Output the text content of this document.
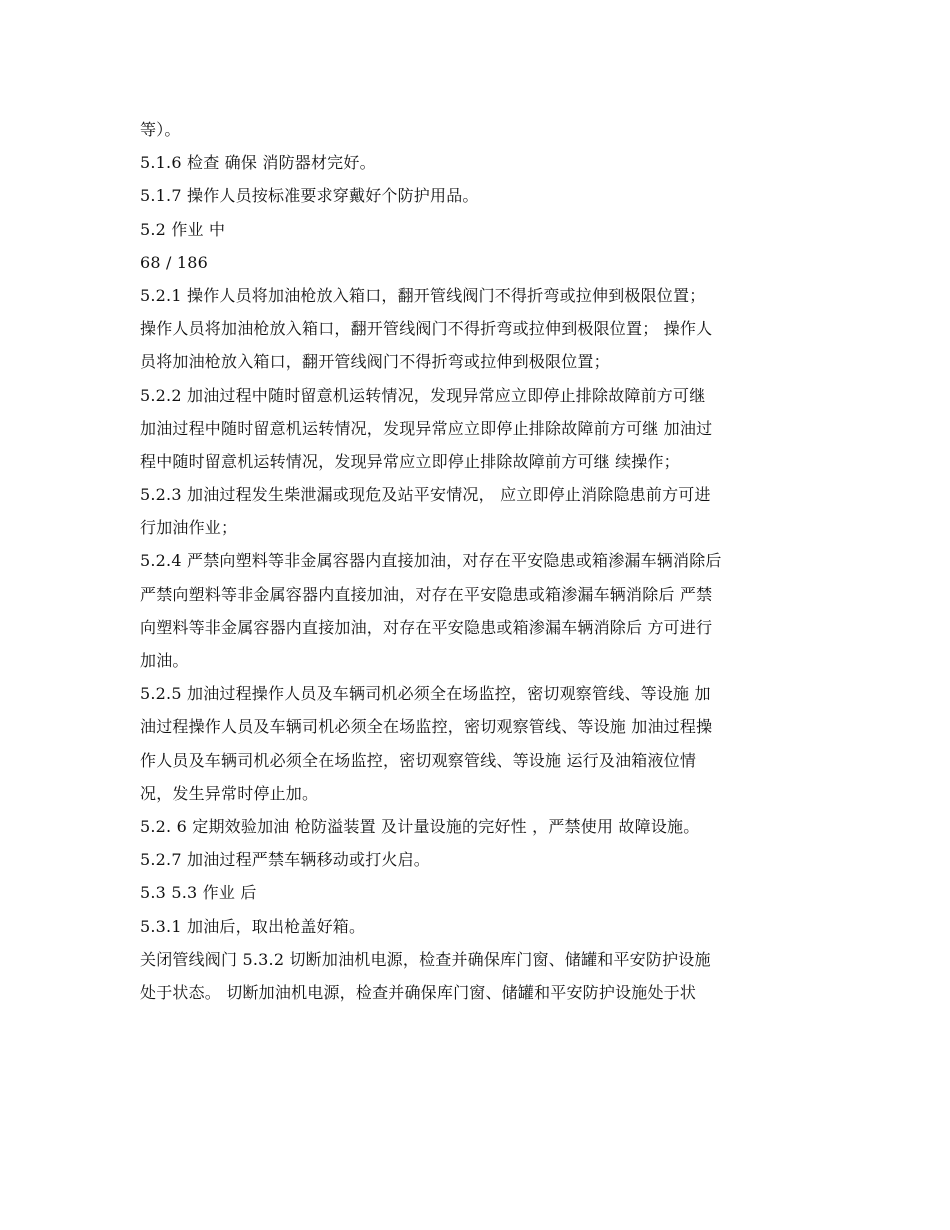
等）。
5.1.6 检查 确保 消防器材完好。
5.1.7 操作人员按标准要求穿戴好个防护用品。
5.2 作业 中
68 / 186
5.2.1 操作人员将加油枪放入箱口，翻开管线阀门不得折弯或拉伸到极限位置；
操作人员将加油枪放入箱口，翻开管线阀门不得折弯或拉伸到极限位置； 操作人
员将加油枪放入箱口，翻开管线阀门不得折弯或拉伸到极限位置；
5.2.2 加油过程中随时留意机运转情况，发现异常应立即停止排除故障前方可继
加油过程中随时留意机运转情况，发现异常应立即停止排除故障前方可继 加油过
程中随时留意机运转情况，发现异常应立即停止排除故障前方可继 续操作；
5.2.3 加油过程发生柴泄漏或现危及站平安情况， 应立即停止消除隐患前方可进
行加油作业；
5.2.4 严禁向塑料等非金属容器内直接加油，对存在平安隐患或箱渗漏车辆消除后
严禁向塑料等非金属容器内直接加油，对存在平安隐患或箱渗漏车辆消除后 严禁
向塑料等非金属容器内直接加油，对存在平安隐患或箱渗漏车辆消除后 方可进行
加油。
5.2.5 加油过程操作人员及车辆司机必须全在场监控，密切观察管线、等设施 加
油过程操作人员及车辆司机必须全在场监控，密切观察管线、等设施 加油过程操
作人员及车辆司机必须全在场监控，密切观察管线、等设施 运行及油箱液位情
况，发生异常时停止加。
5.2. 6 定期效验加油 枪防溢装置 及计量设施的完好性 ，严禁使用 故障设施。
5.2.7 加油过程严禁车辆移动或打火启。
5.3 5.3 作业 后
5.3.1 加油后，取出枪盖好箱。
关闭管线阀门 5.3.2 切断加油机电源，检查并确保库门窗、储罐和平安防护设施
处于状态。 切断加油机电源，检查并确保库门窗、储罐和平安防护设施处于状
